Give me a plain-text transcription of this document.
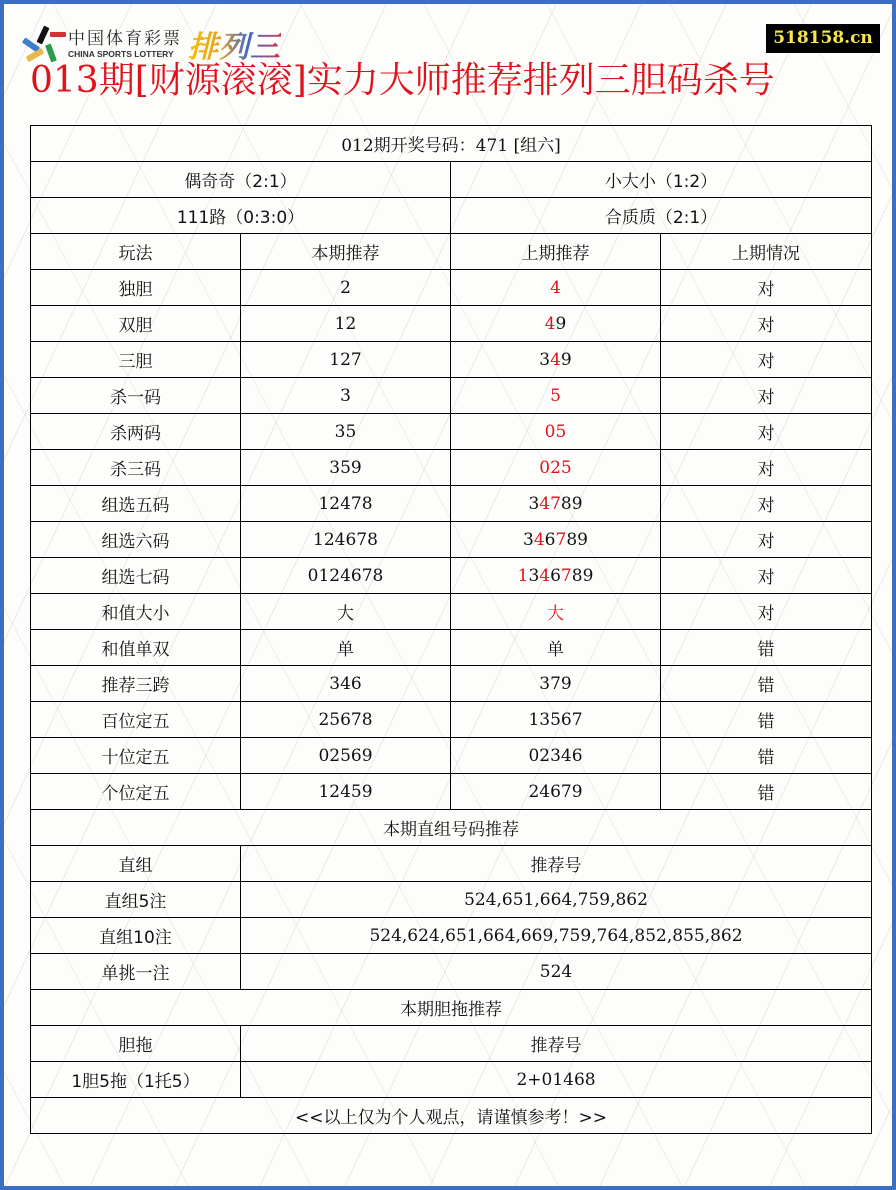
中国体育彩票
CHINA SPORTS LOTTERY 排列三	518158.cn
013期[财源滚滚]实力大师推荐排列三胆码杀号
012期开奖号码：471 [组六]			
偶奇奇（2:1）		小大小（1:2）	
111路（0:3:0）		合质质（2:1）	
玩法	本期推荐	上期推荐	上期情况
独胆	2	4	对
双胆	12	49	对
三胆	127	349	对
杀一码	3	5	对
杀两码	35	05	对
杀三码	359	025	对
组选五码	12478	34789	对
组选六码	124678	346789	对
组选七码	0124678	1346789	对
和值大小	大	大	对
和值单双	单	单	错
推荐三跨	346	379	错
百位定五	25678	13567	错
十位定五	02569	02346	错
个位定五	12459	24679	错
本期直组号码推荐			
直组	推荐号		
直组5注	524,651,664,759,862		
直组10注	524,624,651,664,669,759,764,852,855,862		
单挑一注	524		
本期胆拖推荐			
胆拖	推荐号		
1胆5拖（1托5）	2+01468		
<<以上仅为个人观点，请谨慎参考！>>			
